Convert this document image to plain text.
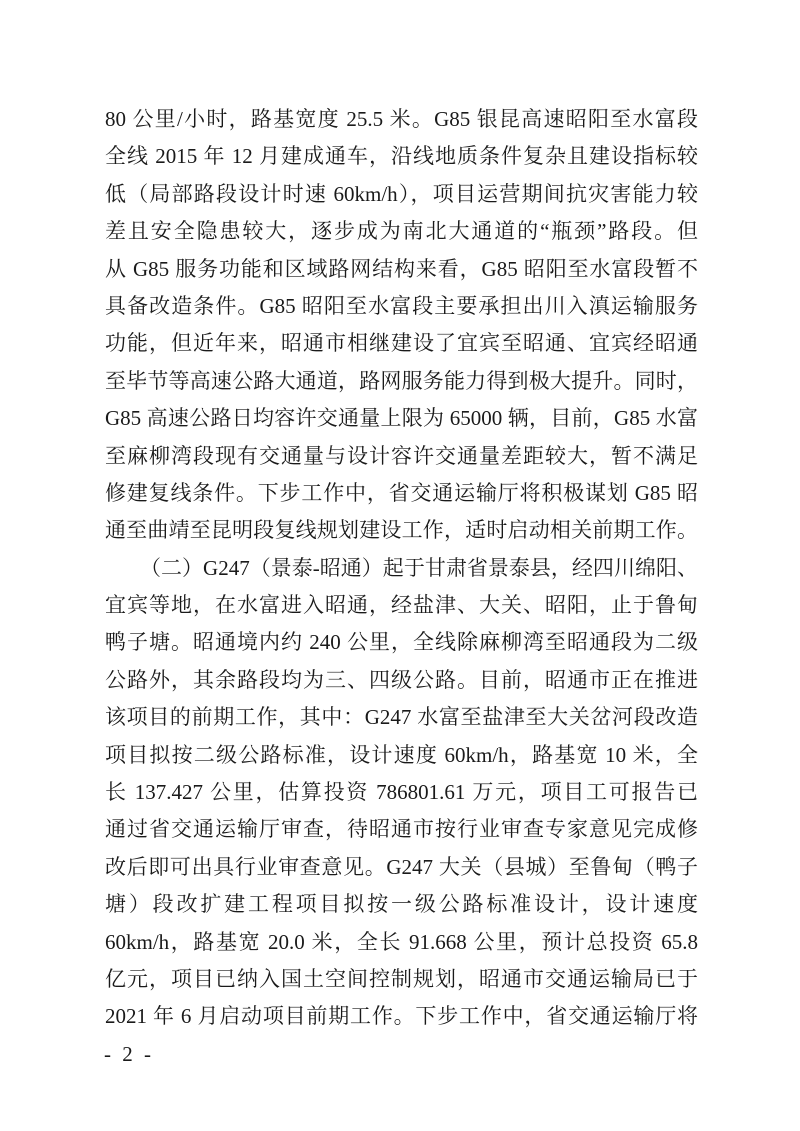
80 公里/小时，路基宽度 25.5 米。G85 银昆高速昭阳至水富段
全线 2015 年 12 月建成通车，沿线地质条件复杂且建设指标较
低（局部路段设计时速 60km/h），项目运营期间抗灾害能力较
差且安全隐患较大，逐步成为南北大通道的“瓶颈”路段。但
从 G85 服务功能和区域路网结构来看，G85 昭阳至水富段暂不
具备改造条件。G85 昭阳至水富段主要承担出川入滇运输服务
功能，但近年来，昭通市相继建设了宜宾至昭通、宜宾经昭通
至毕节等高速公路大通道，路网服务能力得到极大提升。同时，
G85 高速公路日均容许交通量上限为 65000 辆，目前，G85 水富
至麻柳湾段现有交通量与设计容许交通量差距较大，暂不满足
修建复线条件。下步工作中，省交通运输厅将积极谋划 G85 昭
通至曲靖至昆明段复线规划建设工作，适时启动相关前期工作。
（二）G247（景泰-昭通）起于甘肃省景泰县，经四川绵阳、
宜宾等地，在水富进入昭通，经盐津、大关、昭阳，止于鲁甸
鸭子塘。昭通境内约 240 公里，全线除麻柳湾至昭通段为二级
公路外，其余路段均为三、四级公路。目前，昭通市正在推进
该项目的前期工作，其中：G247 水富至盐津至大关岔河段改造
项目拟按二级公路标准，设计速度 60km/h，路基宽 10 米，全
长 137.427 公里，估算投资 786801.61 万元，项目工可报告已
通过省交通运输厅审查，待昭通市按行业审查专家意见完成修
改后即可出具行业审查意见。G247 大关（县城）至鲁甸（鸭子
塘）段改扩建工程项目拟按一级公路标准设计，设计速度
60km/h，路基宽 20.0 米，全长 91.668 公里，预计总投资 65.8
亿元，项目已纳入国土空间控制规划，昭通市交通运输局已于
2021 年 6 月启动项目前期工作。下步工作中，省交通运输厅将
- 2 -
